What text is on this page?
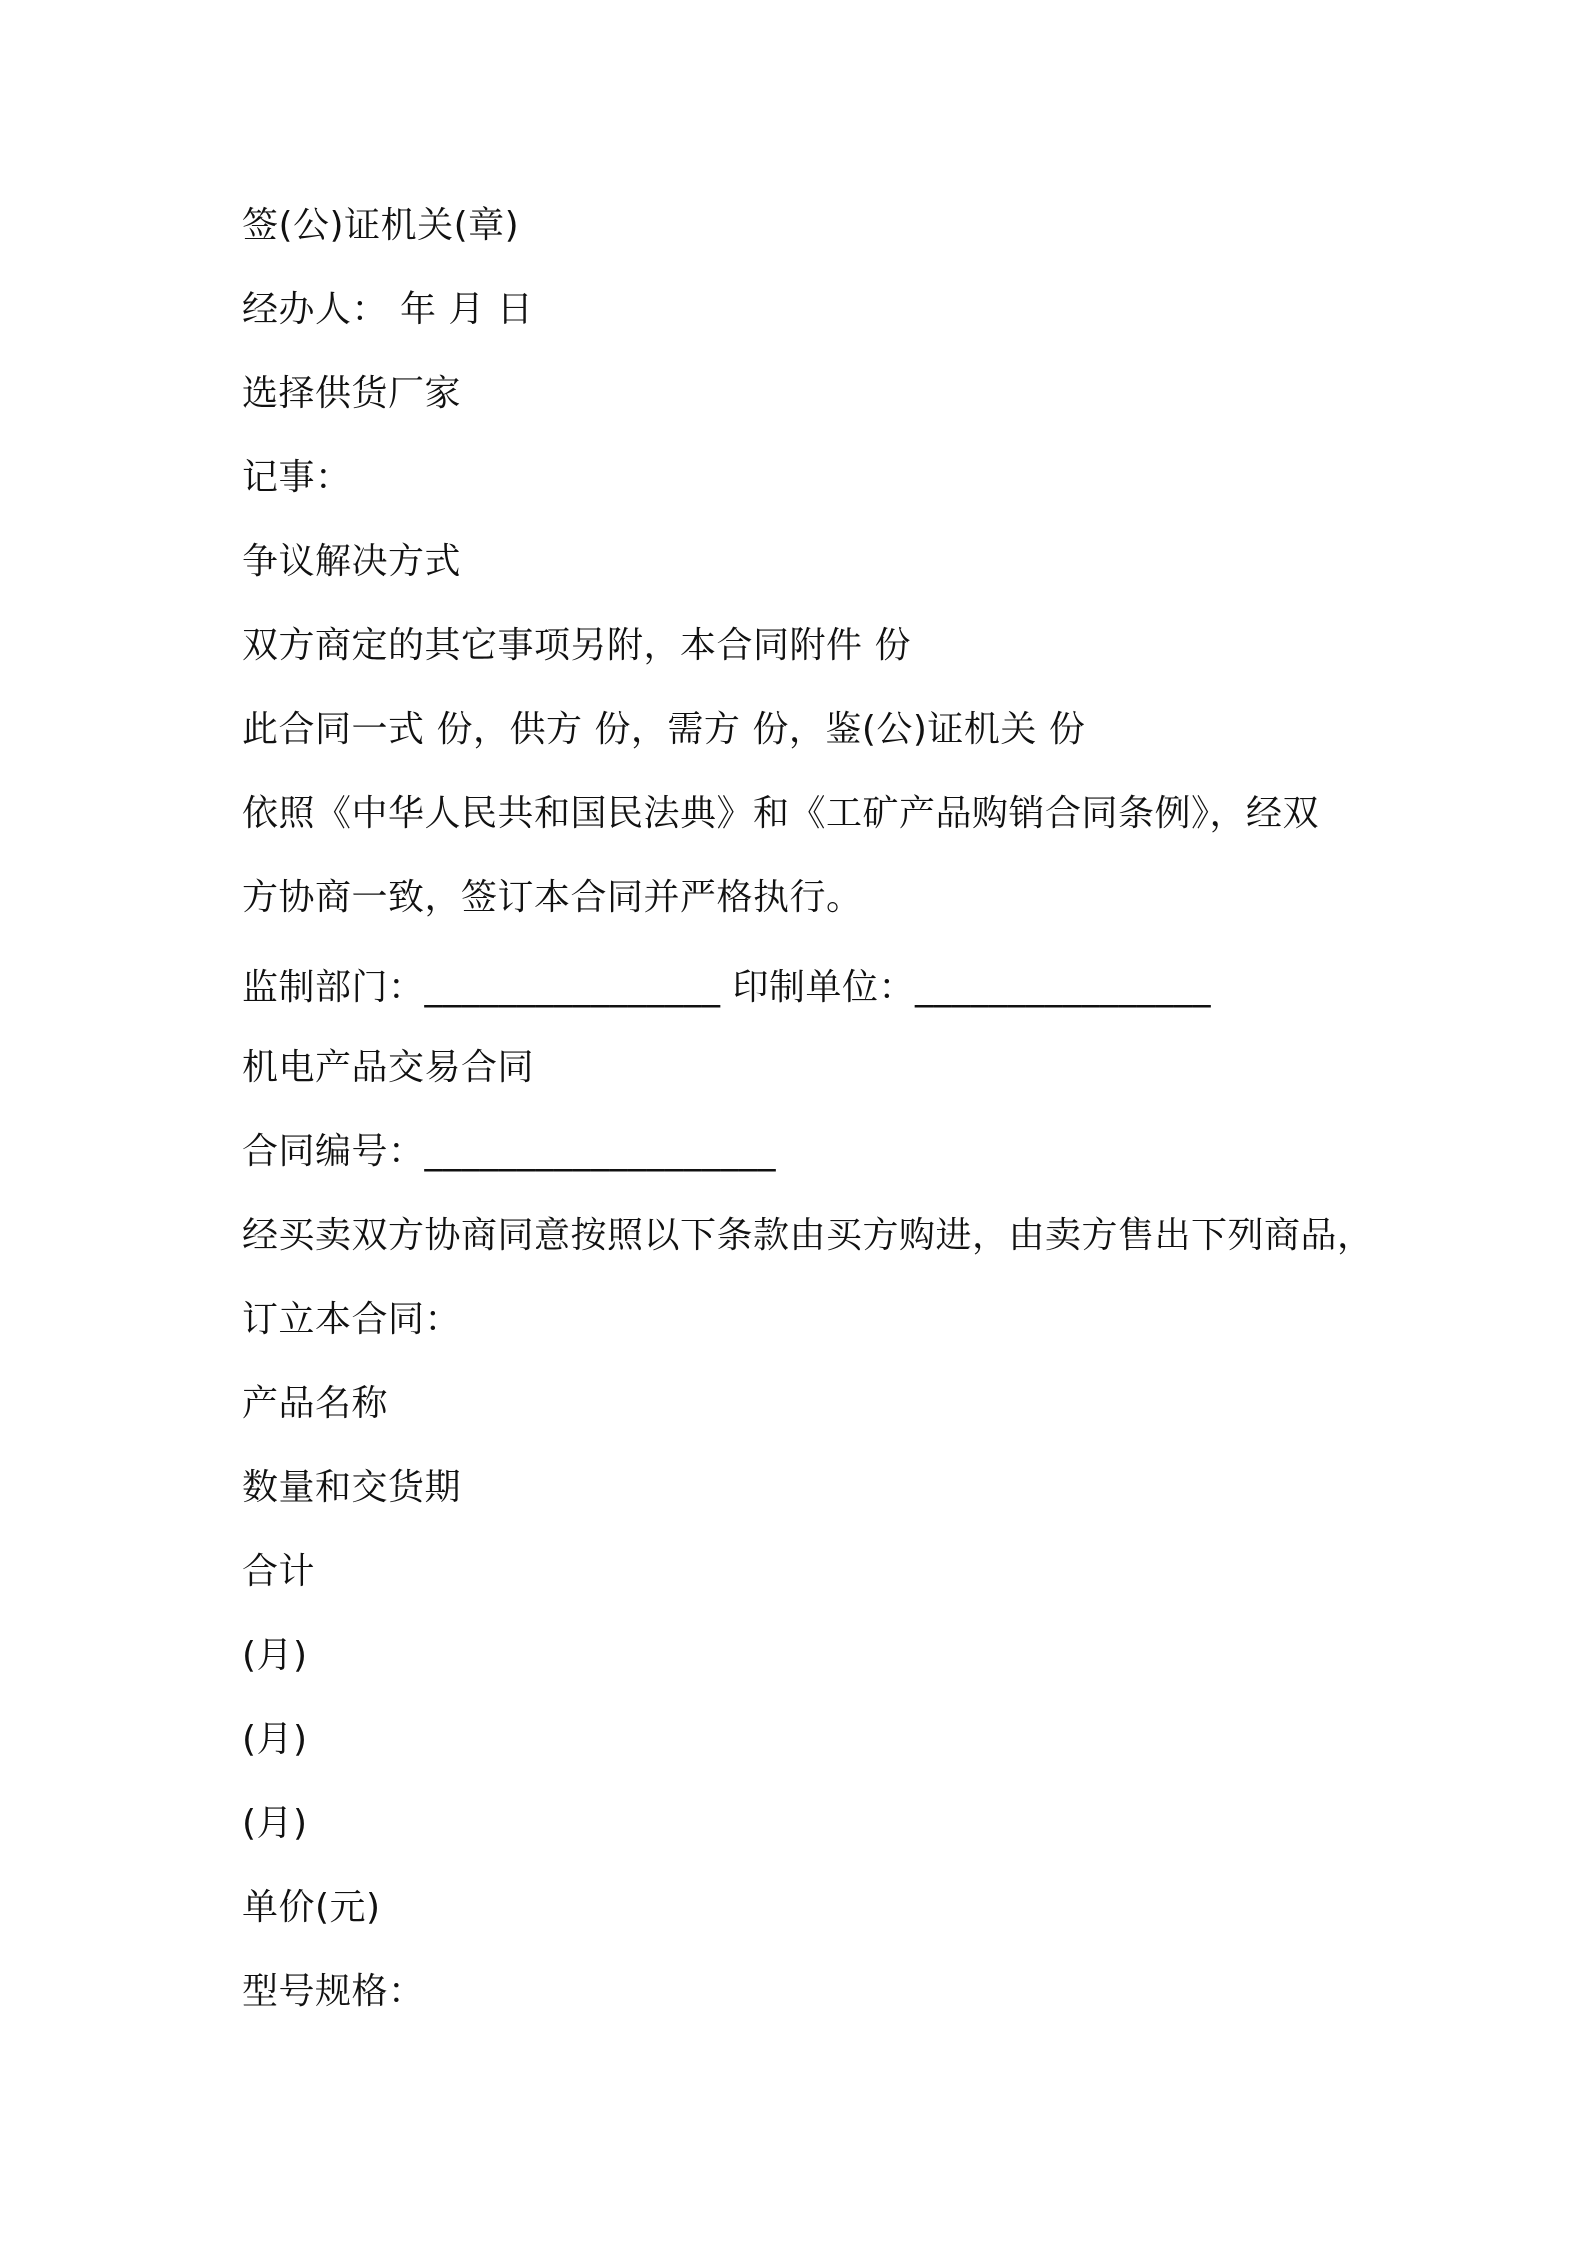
签(公)证机关(章)
经办人： 年 月 日
选择供货厂家
记事：
争议解决方式
双方商定的其它事项另附，本合同附件 份
此合同一式 份，供方 份，需方 份，鉴(公)证机关 份
依照《中华人民共和国民法典》和《工矿产品购销合同条例》，经双
方协商一致，签订本合同并严格执行。
监制部门：________________ 印制单位：________________
机电产品交易合同
合同编号：___________________
经买卖双方协商同意按照以下条款由买方购进，由卖方售出下列商品，
订立本合同：
产品名称
数量和交货期
合计
(月)
(月)
(月)
单价(元)
型号规格：
